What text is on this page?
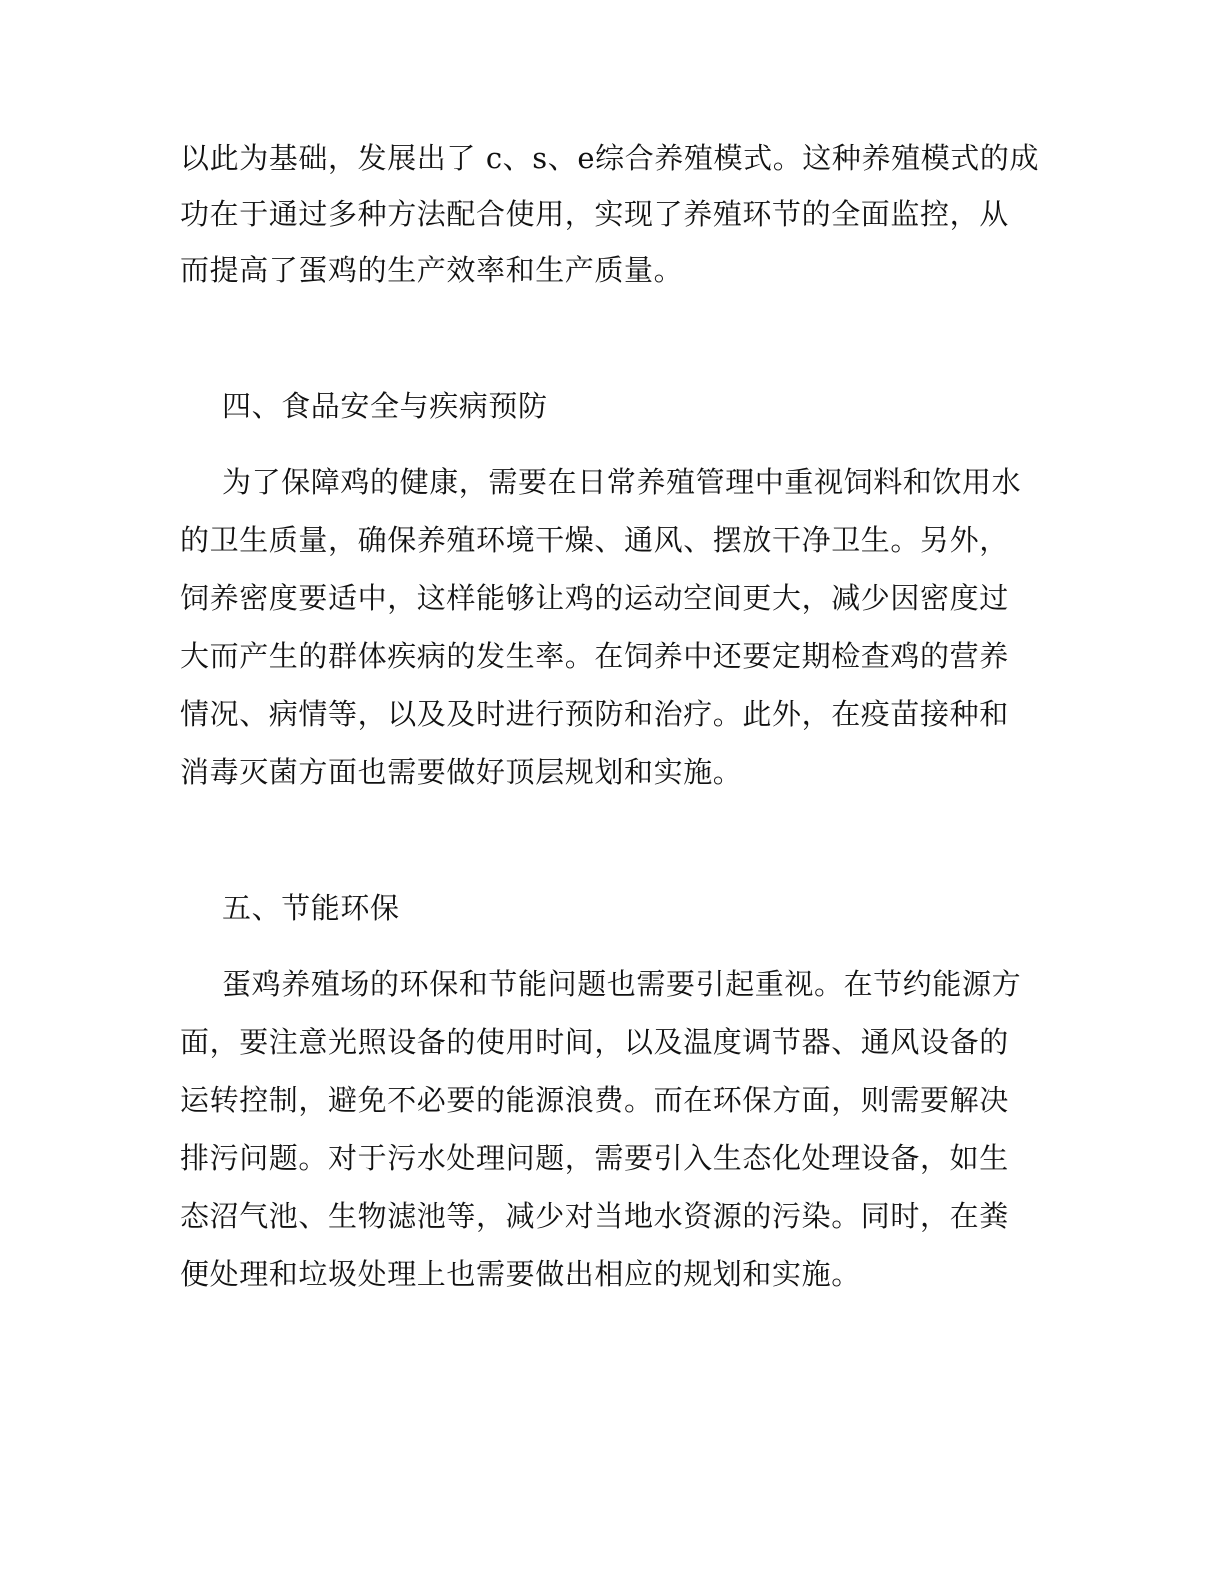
以此为基础，发展出了 c、s、e综合养殖模式。这种养殖模式的成
功在于通过多种方法配合使用，实现了养殖环节的全面监控，从
而提高了蛋鸡的生产效率和生产质量。
四、食品安全与疾病预防
为了保障鸡的健康，需要在日常养殖管理中重视饲料和饮用水
的卫生质量，确保养殖环境干燥、通风、摆放干净卫生。另外，
饲养密度要适中，这样能够让鸡的运动空间更大，减少因密度过
大而产生的群体疾病的发生率。在饲养中还要定期检查鸡的营养
情况、病情等，以及及时进行预防和治疗。此外，在疫苗接种和
消毒灭菌方面也需要做好顶层规划和实施。
五、节能环保
蛋鸡养殖场的环保和节能问题也需要引起重视。在节约能源方
面，要注意光照设备的使用时间，以及温度调节器、通风设备的
运转控制，避免不必要的能源浪费。而在环保方面，则需要解决
排污问题。对于污水处理问题，需要引入生态化处理设备，如生
态沼气池、生物滤池等，减少对当地水资源的污染。同时，在粪
便处理和垃圾处理上也需要做出相应的规划和实施。
